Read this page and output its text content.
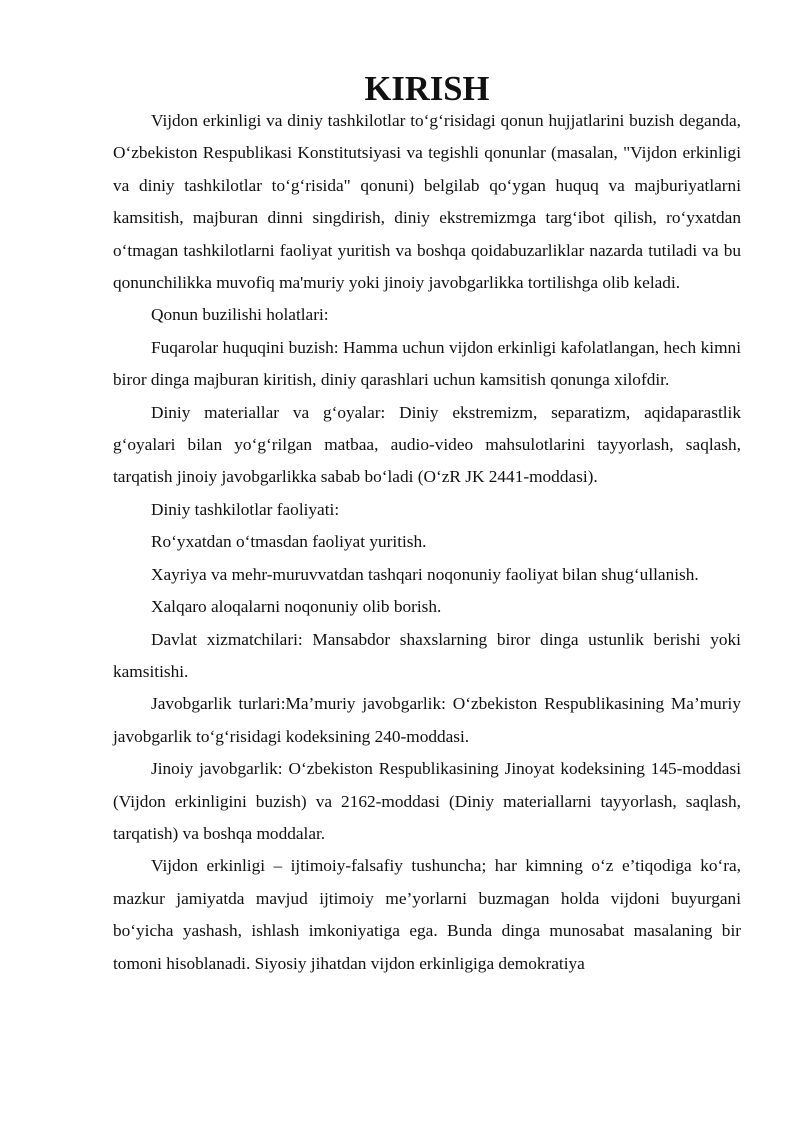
KIRISH

Vijdon erkinligi va diniy tashkilotlar to‘g‘risidagi qonun hujjatlarini buzish deganda, O‘zbekiston Respublikasi Konstitutsiyasi va tegishli qonunlar (masalan, "Vijdon erkinligi va diniy tashkilotlar to‘g‘risida" qonuni) belgilab qo‘ygan huquq va majburiyatlarni kamsitish, majburan dinni singdirish, diniy ekstremizmga targ‘ibot qilish, ro‘yxatdan o‘tmagan tashkilotlarni faoliyat yuritish va boshqa qoidabuzarliklar nazarda tutiladi va bu qonunchilikka muvofiq ma'muriy yoki jinoiy javobgarlikka tortilishga olib keladi.

Qonun buzilishi holatlari:

Fuqarolar huquqini buzish: Hamma uchun vijdon erkinligi kafolatlangan, hech kimni biror dinga majburan kiritish, diniy qarashlari uchun kamsitish qonunga xilofdir.

Diniy materiallar va g‘oyalar: Diniy ekstremizm, separatizm, aqidaparastlik g‘oyalari bilan yo‘g‘rilgan matbaa, audio-video mahsulotlarini tayyorlash, saqlash, tarqatish jinoiy javobgarlikka sabab bo‘ladi (O‘zR JK 2441-moddasi).

Diniy tashkilotlar faoliyati:

Ro‘yxatdan o‘tmasdan faoliyat yuritish.

Xayriya va mehr-muruvvatdan tashqari noqonuniy faoliyat bilan shug‘ullanish.

Xalqaro aloqalarni noqonuniy olib borish.

Davlat xizmatchilari: Mansabdor shaxslarning biror dinga ustunlik berishi yoki kamsitishi.

Javobgarlik turlari:Ma’muriy javobgarlik: O‘zbekiston Respublikasining Ma’muriy javobgarlik to‘g‘risidagi kodeksining 240-moddasi.

Jinoiy javobgarlik: O‘zbekiston Respublikasining Jinoyat kodeksining 145-moddasi (Vijdon erkinligini buzish) va 2162-moddasi (Diniy materiallarni tayyorlash, saqlash, tarqatish) va boshqa moddalar.

Vijdon erkinligi – ijtimoiy-falsafiy tushuncha; har kimning o‘z e’tiqodiga ko‘ra, mazkur jamiyatda mavjud ijtimoiy me’yorlarni buzmagan holda vijdoni buyurgani bo‘yicha yashash, ishlash imkoniyatiga ega. Bunda dinga munosabat masalaning bir tomoni hisoblanadi. Siyosiy jihatdan vijdon erkinligiga demokratiya
